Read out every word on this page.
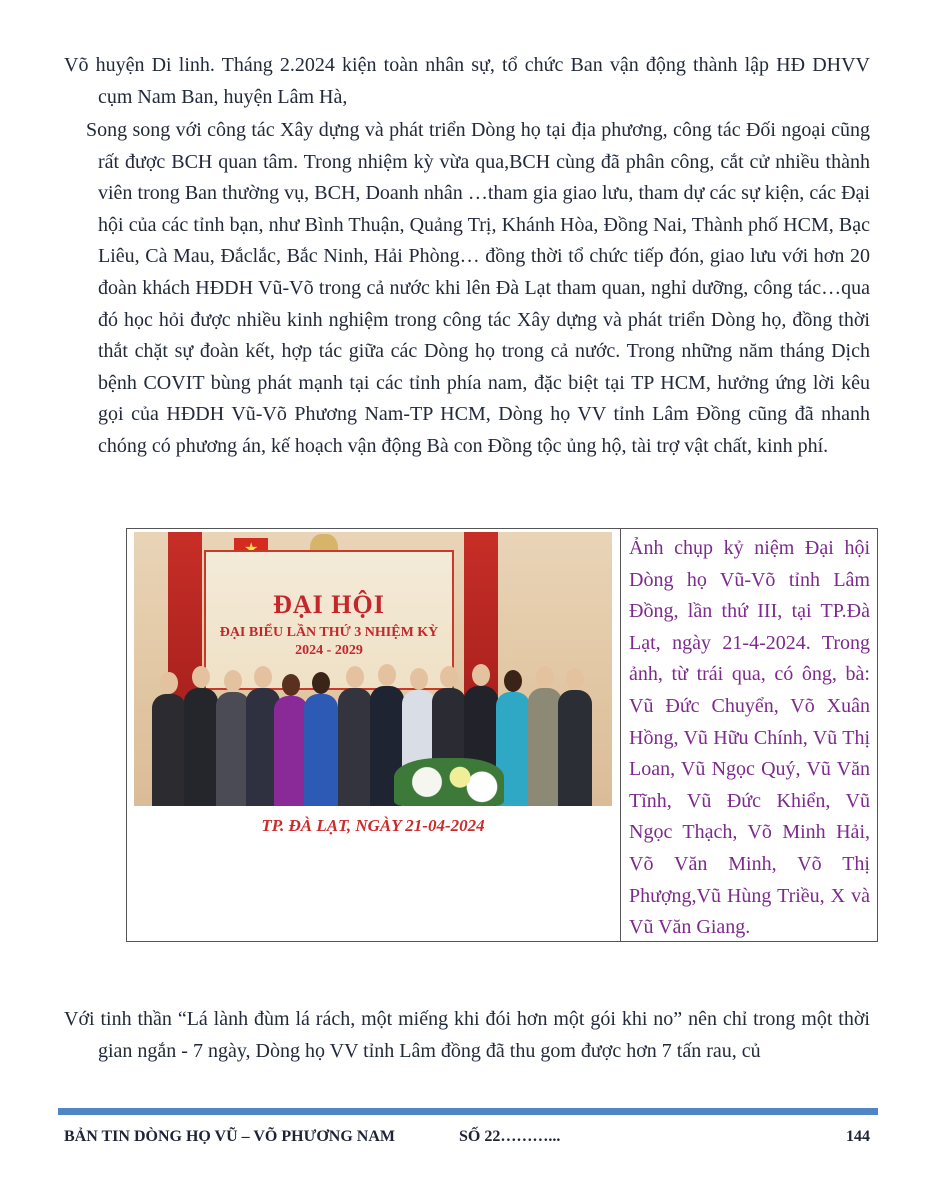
Võ huyện Di linh. Tháng 2.2024 kiện toàn nhân sự, tổ chức Ban vận động thành lập HĐ DHVV cụm Nam Ban, huyện Lâm Hà,

Song song với công tác Xây dựng và phát triển Dòng họ tại địa phương, công tác Đối ngoại cũng rất được BCH quan tâm. Trong nhiệm kỳ vừa qua,BCH cùng đã phân công, cắt cử nhiều thành viên trong Ban thường vụ, BCH, Doanh nhân …tham gia giao lưu, tham dự các sự kiện, các Đại hội của các tỉnh bạn, như Bình Thuận, Quảng Trị, Khánh Hòa, Đồng Nai, Thành phố HCM, Bạc Liêu, Cà Mau, Đắclắc, Bắc Ninh, Hải Phòng… đồng thời tổ chức tiếp đón, giao lưu với hơn 20 đoàn khách HĐDH Vũ-Võ trong cả nước khi lên Đà Lạt tham quan, nghỉ dưỡng, công tác…qua đó học hỏi được nhiều kinh nghiệm trong công tác Xây dựng và phát triển Dòng họ, đồng thời thắt chặt sự đoàn kết, hợp tác giữa các Dòng họ trong cả nước. Trong những năm tháng Dịch bệnh COVIT bùng phát mạnh tại các tỉnh phía nam, đặc biệt tại TP HCM, hưởng ứng lời kêu gọi của HĐDH Vũ-Võ Phương Nam-TP HCM, Dòng họ VV tỉnh Lâm Đồng cũng đã nhanh chóng có phương án, kế hoạch vận động Bà con Đồng tộc ủng hộ, tài trợ vật chất, kinh phí.

ĐẠI HỘI
ĐẠI BIỂU LẦN THỨ 3 NHIỆM KỲ 2024 - 2029
TP. ĐÀ LẠT, NGÀY 21-04-2024
Ảnh chụp kỷ niệm Đại hội Dòng họ Vũ-Võ tỉnh Lâm Đồng, lần thứ III, tại TP.Đà Lạt, ngày 21-4-2024. Trong ảnh, từ trái qua, có ông, bà: Vũ Đức Chuyển, Võ Xuân Hồng, Vũ Hữu Chính, Vũ Thị Loan, Vũ Ngọc Quý, Vũ Văn Tĩnh, Vũ Đức Khiển, Vũ Ngọc Thạch, Võ Minh Hải, Võ Văn Minh, Võ Thị Phượng,Vũ Hùng Triều, X và Vũ Văn Giang.

Với tinh thần “Lá lành đùm lá rách, một miếng khi đói hơn một gói khi no” nên chỉ trong một thời gian ngắn - 7 ngày, Dòng họ VV tỉnh Lâm đồng đã thu gom được hơn 7 tấn rau, củ

BẢN TIN DÒNG HỌ VŨ – VÕ PHƯƠNG NAM	SỐ 22………...	144
